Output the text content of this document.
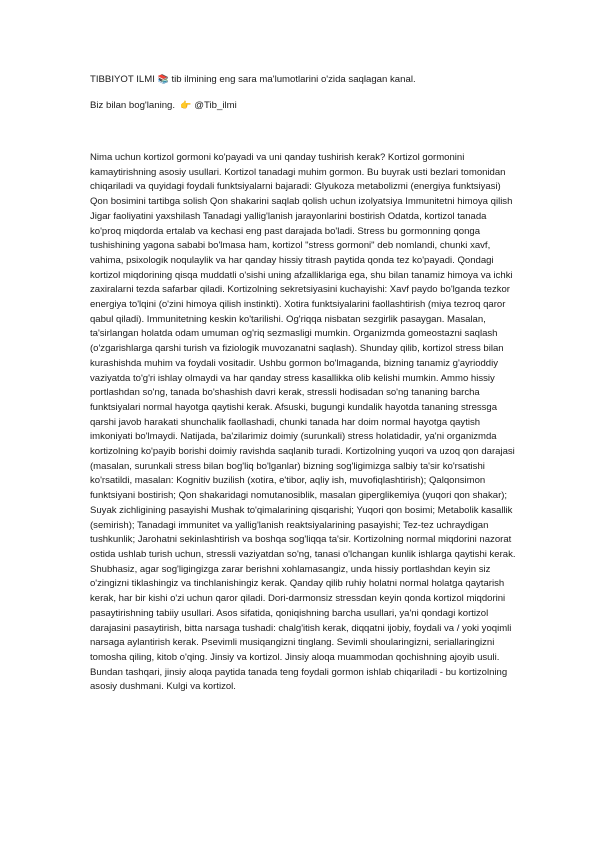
TIBBIYOT ILMI 📚 tib ilmining eng sara ma'lumotlarini o'zida saqlagan kanal.

Biz bilan bog'laning. 👉 @Tib_ilmi

Nima uchun kortizol gormoni ko'payadi va uni qanday tushirish kerak? Kortizol gormonini kamaytirishning asosiy usullari. Kortizol tanadagi muhim gormon. Bu buyrak usti bezlari tomonidan chiqariladi va quyidagi foydali funktsiyalarni bajaradi: Glyukoza metabolizmi (energiya funktsiyasi) Qon bosimini tartibga solish Qon shakarini saqlab qolish uchun izolyatsiya Immunitetni himoya qilish Jigar faoliyatini yaxshilash Tanadagi yallig'lanish jarayonlarini bostirish Odatda, kortizol tanada ko'proq miqdorda ertalab va kechasi eng past darajada bo'ladi. Stress bu gormonning qonga tushishining yagona sababi bo'lmasa ham, kortizol "stress gormoni" deb nomlandi, chunki xavf, vahima, psixologik noqulaylik va har qanday hissiy titrash paytida qonda tez ko'payadi. Qondagi kortizol miqdorining qisqa muddatli o'sishi uning afzalliklariga ega, shu bilan tanamiz himoya va ichki zaxiralarni tezda safarbar qiladi. Kortizolning sekretsiyasini kuchayishi: Xavf paydo bo'lganda tezkor energiya to'lqini (o'zini himoya qilish instinkti). Xotira funktsiyalarini faollashtirish (miya tezroq qaror qabul qiladi). Immunitetning keskin ko'tarilishi. Og'riqqa nisbatan sezgirlik pasaygan. Masalan, ta'sirlangan holatda odam umuman og'riq sezmasligi mumkin. Organizmda gomeostazni saqlash (o'zgarishlarga qarshi turish va fiziologik muvozanatni saqlash). Shunday qilib, kortizol stress bilan kurashishda muhim va foydali vositadir. Ushbu gormon bo'lmaganda, bizning tanamiz g'ayrioddiy vaziyatda to'g'ri ishlay olmaydi va har qanday stress kasallikka olib kelishi mumkin. Ammo hissiy portlashdan so'ng, tanada bo'shashish davri kerak, stressli hodisadan so'ng tananing barcha funktsiyalari normal hayotga qaytishi kerak. Afsuski, bugungi kundalik hayotda tananing stressga qarshi javob harakati shunchalik faollashadi, chunki tanada har doim normal hayotga qaytish imkoniyati bo'lmaydi. Natijada, ba'zilarimiz doimiy (surunkali) stress holatidadir, ya'ni organizmda kortizolning ko'payib borishi doimiy ravishda saqlanib turadi. Kortizolning yuqori va uzoq qon darajasi (masalan, surunkali stress bilan bog'liq bo'lganlar) bizning sog'ligimizga salbiy ta'sir ko'rsatishi ko'rsatildi, masalan: Kognitiv buzilish (xotira, e'tibor, aqliy ish, muvofiqlashtirish); Qalqonsimon funktsiyani bostirish; Qon shakaridagi nomutanosiblik, masalan giperglikemiya (yuqori qon shakar); Suyak zichligining pasayishi Mushak to'qimalarining qisqarishi; Yuqori qon bosimi; Metabolik kasallik (semirish); Tanadagi immunitet va yallig'lanish reaktsiyalarining pasayishi; Tez-tez uchraydigan tushkunlik; Jarohatni sekinlashtirish va boshqa sog'liqqa ta'sir. Kortizolning normal miqdorini nazorat ostida ushlab turish uchun, stressli vaziyatdan so'ng, tanasi o'lchangan kunlik ishlarga qaytishi kerak. Shubhasiz, agar sog'ligingizga zarar berishni xohlamasangiz, unda hissiy portlashdan keyin siz o'zingizni tiklashingiz va tinchlanishingiz kerak. Qanday qilib ruhiy holatni normal holatga qaytarish kerak, har bir kishi o'zi uchun qaror qiladi. Dori-darmonsiz stressdan keyin qonda kortizol miqdorini pasaytirishning tabiiy usullari. Asos sifatida, qoniqishning barcha usullari, ya'ni qondagi kortizol darajasini pasaytirish, bitta narsaga tushadi: chalg'itish kerak, diqqatni ijobiy, foydali va / yoki yoqimli narsaga aylantirish kerak. Psevimli musiqangizni tinglang. Sevimli shoularingizni, seriallaringizni tomosha qiling, kitob o'qing. Jinsiy va kortizol. Jinsiy aloqa muammodan qochishning ajoyib usuli. Bundan tashqari, jinsiy aloqa paytida tanada teng foydali gormon ishlab chiqariladi - bu kortizolning asosiy dushmani. Kulgi va kortizol.
